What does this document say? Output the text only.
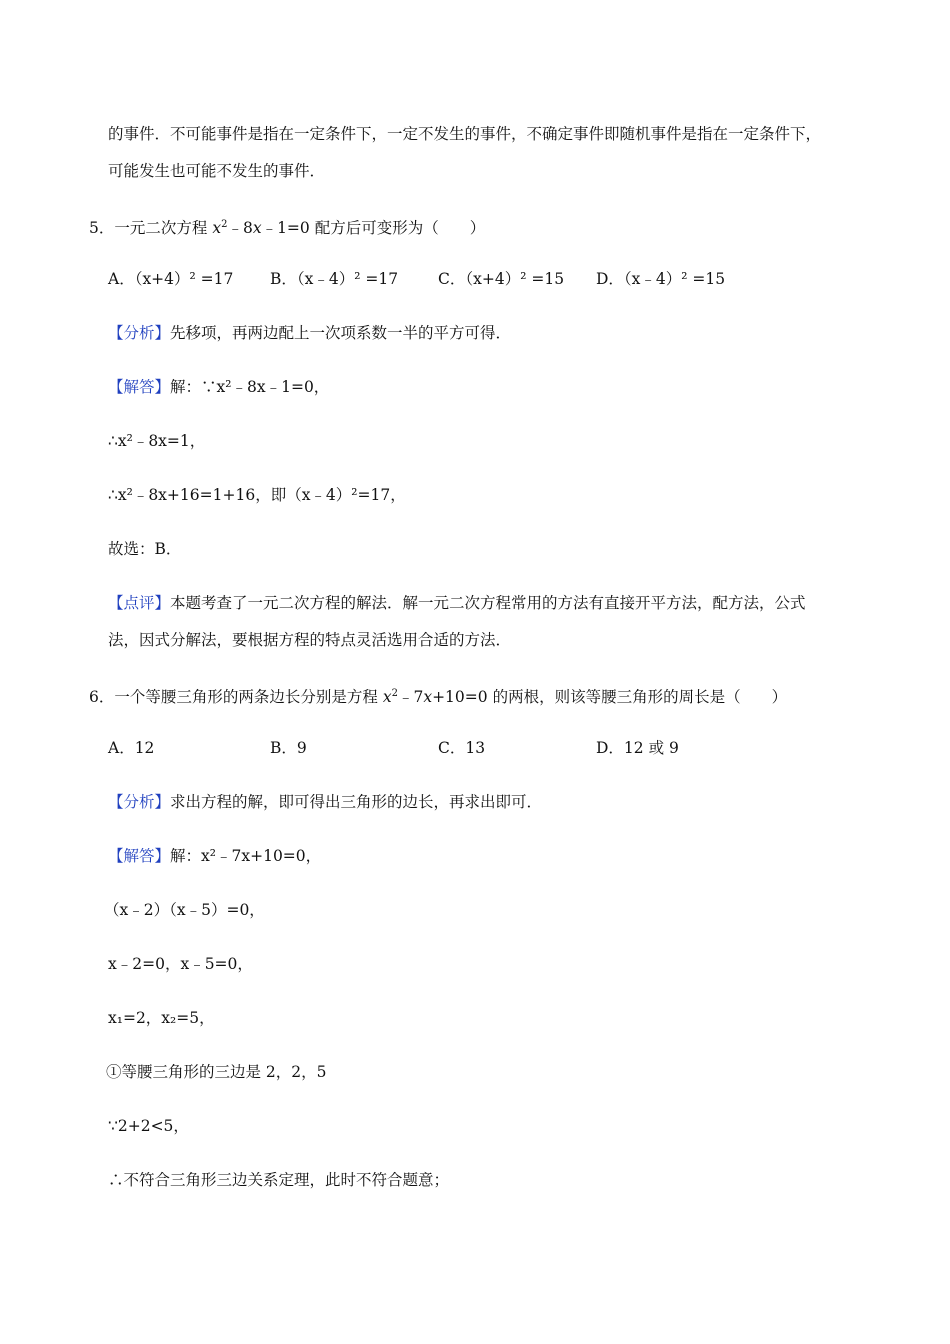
的事件．不可能事件是指在一定条件下，一定不发生的事件，不确定事件即随机事件是指在一定条件下，
可能发生也可能不发生的事件．
5．一元二次方程 $x^2﹣8x﹣1=0$ 配方后可变形为（　　）
A．（x+4）² =17 B．（x﹣4）² =17	C．（x+4）² =15 D．（x﹣4）² =15
【分析】先移项，再两边配上一次项系数一半的平方可得．
【解答】解：∵x²﹣8x﹣1=0，
∴x²﹣8x=1，
∴x²﹣8x+16=1+16，即（x﹣4）²=17，
故选：B．
【点评】本题考查了一元二次方程的解法．解一元二次方程常用的方法有直接开平方法，配方法，公式
法，因式分解法，要根据方程的特点灵活选用合适的方法．
6．一个等腰三角形的两条边长分别是方程 $x^2﹣7x+10=0$ 的两根，则该等腰三角形的周长是（　　）
A．12	B．9	C．13	D．12 或 9
【分析】求出方程的解，即可得出三角形的边长，再求出即可．
【解答】解：x²﹣7x+10=0，
（x﹣2）（x﹣5）=0，
x﹣2=0，x﹣5=0，
x₁=2，x₂=5，
①等腰三角形的三边是 2，2，5
∵2+2<5，
∴不符合三角形三边关系定理，此时不符合题意；
